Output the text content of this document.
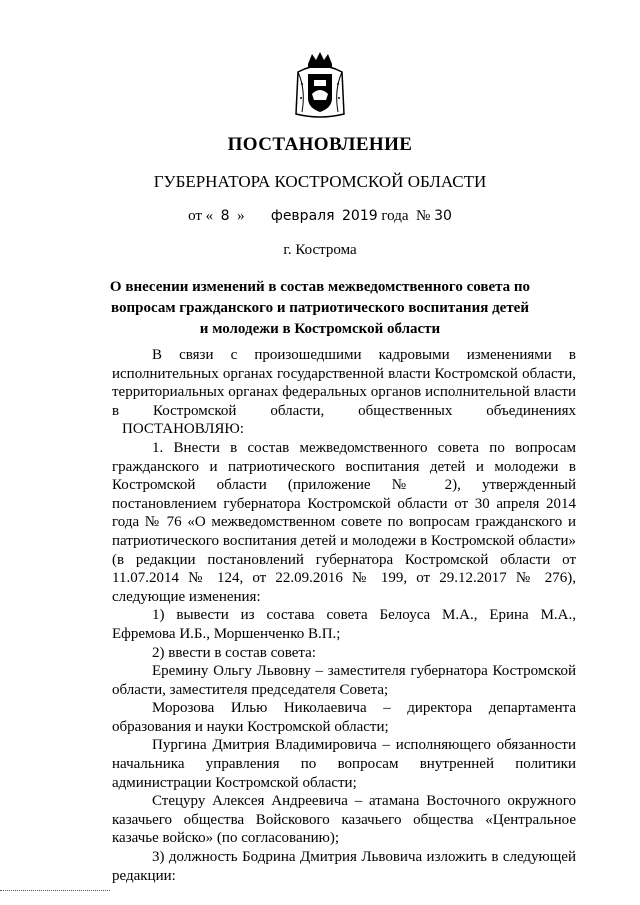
ПОСТАНОВЛЕНИЕ
ГУБЕРНАТОРА КОСТРОМСКОЙ ОБЛАСТИ
от « 8 » февраля 2019 года № 30
г. Кострома
О внесении изменений в состав межведомственного совета по вопросам гражданского и патриотического воспитания детей и молодежи в Костромской области

В связи с произошедшими кадровыми изменениями в исполнительных органах государственной власти Костромской области, территориальных органах федеральных органов исполнительной власти в Костромской области, общественных объединениях

ПОСТАНОВЛЯЮ:

1. Внести в состав межведомственного совета по вопросам гражданского и патриотического воспитания детей и молодежи в Костромской области (приложение № 2), утвержденный постановлением губернатора Костромской области от 30 апреля 2014 года № 76 «О межведомственном совете по вопросам гражданского и патриотического воспитания детей и молодежи в Костромской области» (в редакции постановлений губернатора Костромской области от 11.07.2014 № 124, от 22.09.2016 № 199, от 29.12.2017 № 276), следующие изменения:

1) вывести из состава совета Белоуса М.А., Ерина М.А., Ефремова И.Б., Моршенченко В.П.;

2) ввести в состав совета:

Еремину Ольгу Львовну – заместителя губернатора Костромской области, заместителя председателя Совета;

Морозова Илью Николаевича – директора департамента образования и науки Костромской области;

Пургина Дмитрия Владимировича – исполняющего обязанности начальника управления по вопросам внутренней политики администрации Костромской области;

Стецуру Алексея Андреевича – атамана Восточного окружного казачьего общества Войскового казачьего общества «Центральное казачье войско» (по согласованию);

3) должность Бодрина Дмитрия Львовича изложить в следующей редакции:
